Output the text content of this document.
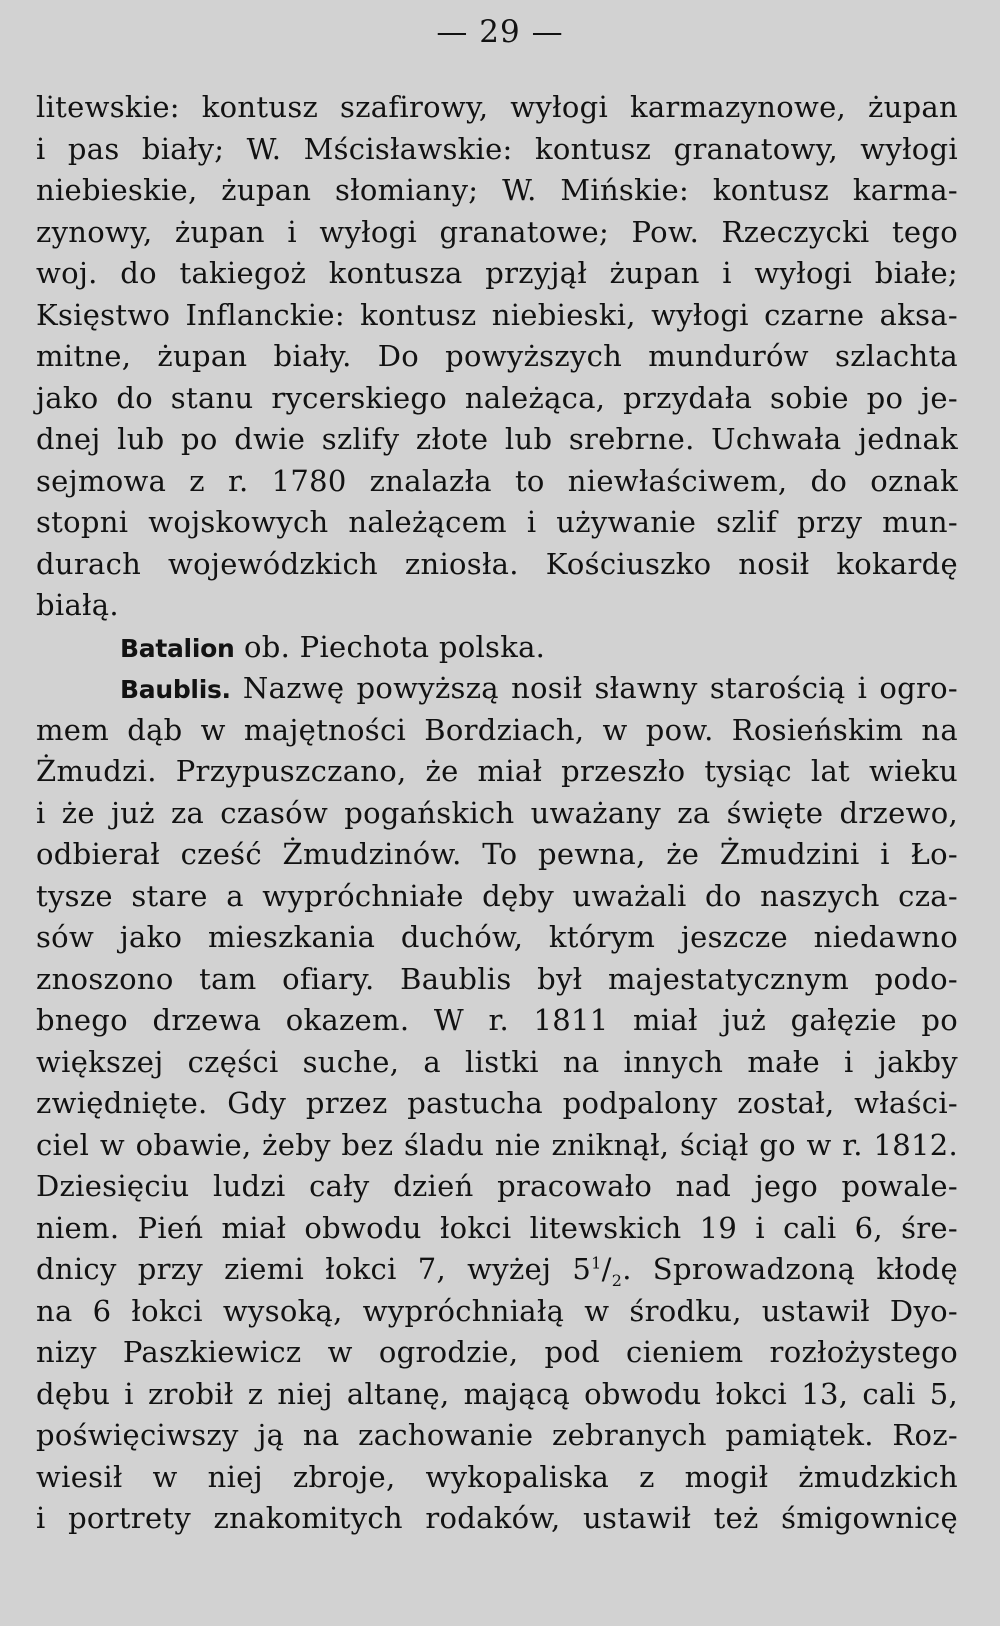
— 29 —
litewskie: kontusz szafirowy, wyłogi karmazynowe, żupan
i pas biały; W. Mścisławskie: kontusz granatowy, wyłogi
niebieskie, żupan słomiany; W. Mińskie: kontusz karma-
zynowy, żupan i wyłogi granatowe; Pow. Rzeczycki tego
woj. do takiegoż kontusza przyjął żupan i wyłogi białe;
Księstwo Inflanckie: kontusz niebieski, wyłogi czarne aksa-
mitne, żupan biały. Do powyższych mundurów szlachta
jako do stanu rycerskiego należąca, przydała sobie po je-
dnej lub po dwie szlify złote lub srebrne. Uchwała jednak
sejmowa z r. 1780 znalazła to niewłaściwem, do oznak
stopni wojskowych należącem i używanie szlif przy mun-
durach wojewódzkich zniosła. Kościuszko nosił kokardę
białą.
Batalion ob. Piechota polska.
Baublis. Nazwę powyższą nosił sławny starością i ogro-
mem dąb w majętności Bordziach, w pow. Rosieńskim na
Żmudzi. Przypuszczano, że miał przeszło tysiąc lat wieku
i że już za czasów pogańskich uważany za święte drzewo,
odbierał cześć Żmudzinów. To pewna, że Żmudzini i Ło-
tysze stare a wypróchniałe dęby uważali do naszych cza-
sów jako mieszkania duchów, którym jeszcze niedawno
znoszono tam ofiary. Baublis był majestatycznym podo-
bnego drzewa okazem. W r. 1811 miał już gałęzie po
większej części suche, a listki na innych małe i jakby
zwiędnięte. Gdy przez pastucha podpalony został, właści-
ciel w obawie, żeby bez śladu nie zniknął, ściął go w r. 1812.
Dziesięciu ludzi cały dzień pracowało nad jego powale-
niem. Pień miał obwodu łokci litewskich 19 i cali 6, śre-
dnicy przy ziemi łokci 7, wyżej $5^1/_2$. Sprowadzoną kłodę
na 6 łokci wysoką, wypróchniałą w środku, ustawił Dyo-
nizy Paszkiewicz w ogrodzie, pod cieniem rozłożystego
dębu i zrobił z niej altanę, mającą obwodu łokci 13, cali 5,
poświęciwszy ją na zachowanie zebranych pamiątek. Roz-
wiesił w niej zbroje, wykopaliska z mogił żmudzkich
i portrety znakomitych rodaków, ustawił też śmigownicę
